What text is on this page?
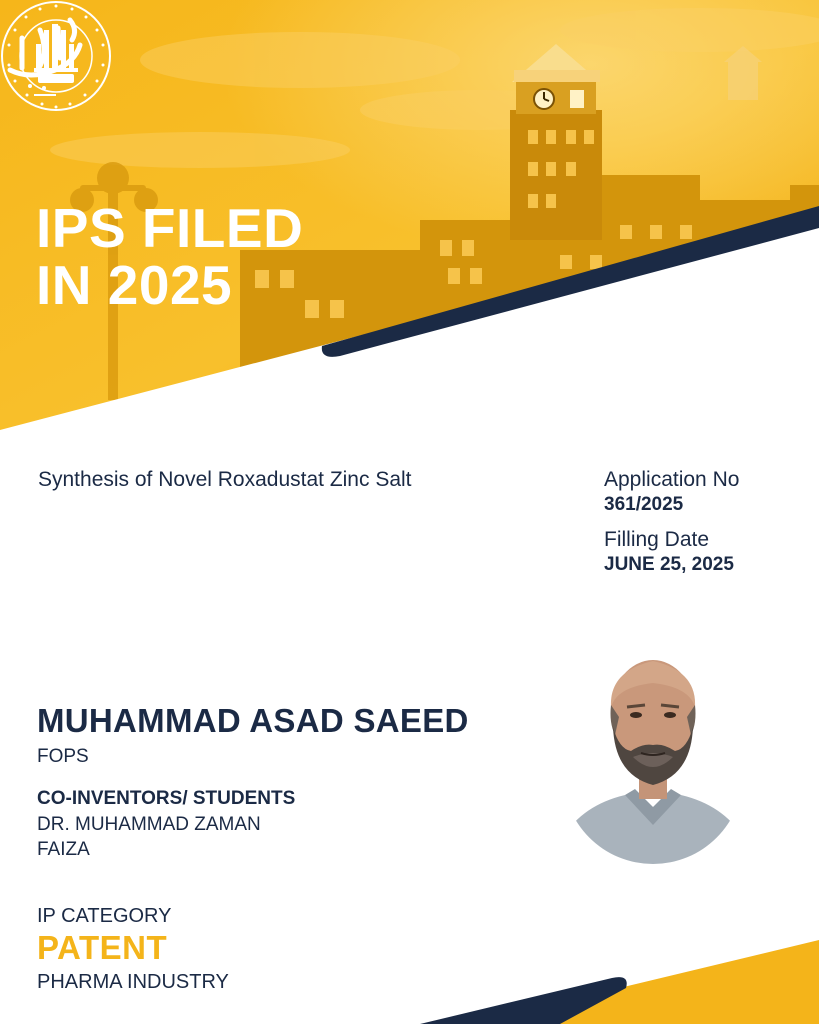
IPS FILED
IN 2025
Synthesis of Novel Roxadustat Zinc Salt	Application No
361/2025
Filling Date
JUNE 25, 2025
MUHAMMAD ASAD SAEED
FOPS
CO-INVENTORS/ STUDENTS
DR. MUHAMMAD ZAMAN
FAIZA
IP CATEGORY
PATENT
PHARMA INDUSTRY
